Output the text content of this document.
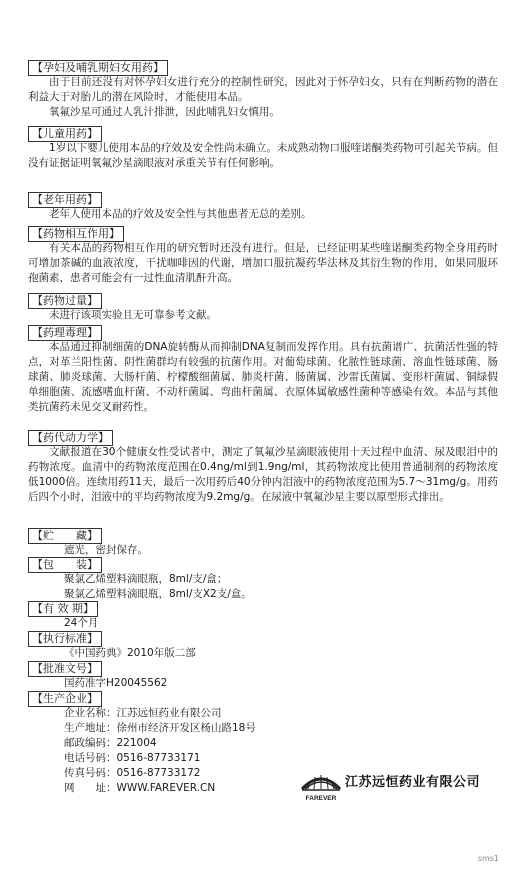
【孕妇及哺乳期妇女用药】
由于目前还没有对怀孕妇女进行充分的控制性研究，因此对于怀孕妇女，只有在判断药物的潜在利益大于对胎儿的潜在风险时，才能使用本品。
氧氟沙星可通过人乳汁排泄，因此哺乳妇女慎用。
【儿童用药】
1岁以下婴儿使用本品的疗效及安全性尚未确立。未成熟动物口服喹诺酮类药物可引起关节病。但没有证据证明氧氟沙星滴眼液对承重关节有任何影响。
【老年用药】
老年人使用本品的疗效及安全性与其他患者无总的差别。
【药物相互作用】
有关本品的药物相互作用的研究暂时还没有进行。但是，已经证明某些喹诺酮类药物全身用药时可增加茶碱的血液浓度，干扰咖啡因的代谢，增加口服抗凝药华法林及其衍生物的作用，如果同服环孢菌素，患者可能会有一过性血清肌酐升高。
【药物过量】
未进行该项实验且无可靠参考文献。
【药理毒理】
本品通过抑制细菌的DNA旋转酶从而抑制DNA复制而发挥作用。具有抗菌谱广、抗菌活性强的特点，对革兰阳性菌、阴性菌群均有较强的抗菌作用。对葡萄球菌、化脓性链球菌、溶血性链球菌、肠球菌、肺炎球菌、大肠杆菌、柠檬酸细菌属、肺炎杆菌、肠菌属、沙雷氏菌属、变形杆菌属、铜绿假单细胞菌、流感嗜血杆菌、不动杆菌属、弯曲杆菌属、衣原体属敏感性菌种等感染有效。本品与其他类抗菌药未见交叉耐药性。
【药代动力学】
文献报道在30个健康女性受试者中，测定了氧氟沙星滴眼液使用十天过程中血清、尿及眼泪中的药物浓度。血清中的药物浓度范围在0.4ng/ml到1.9ng/ml，其药物浓度比使用普通制剂的药物浓度低1000倍。连续用药11天，最后一次用药后40分钟内泪液中的药物浓度范围为5.7～31mg/g。用药后四个小时，泪液中的平均药物浓度为9.2mg/g。在尿液中氧氟沙星主要以原型形式排出。
【贮　　藏】
遮光，密封保存。
【包　　装】
聚氯乙烯塑料滴眼瓶，8ml/支/盒；
聚氯乙烯塑料滴眼瓶，8ml/支X2支/盒。
【有 效 期】
24个月
【执行标准】
《中国药典》2010年版二部
【批准文号】
国药准字H20045562
【生产企业】
企业名称：江苏远恒药业有限公司
生产地址：徐州市经济开发区杨山路18号
邮政编码：221004
电话号码：0516-87733171
传真号码：0516-87733172
网　　址：WWW.FAREVER.CN
FAREVER
江苏远恒药业有限公司
sms1
